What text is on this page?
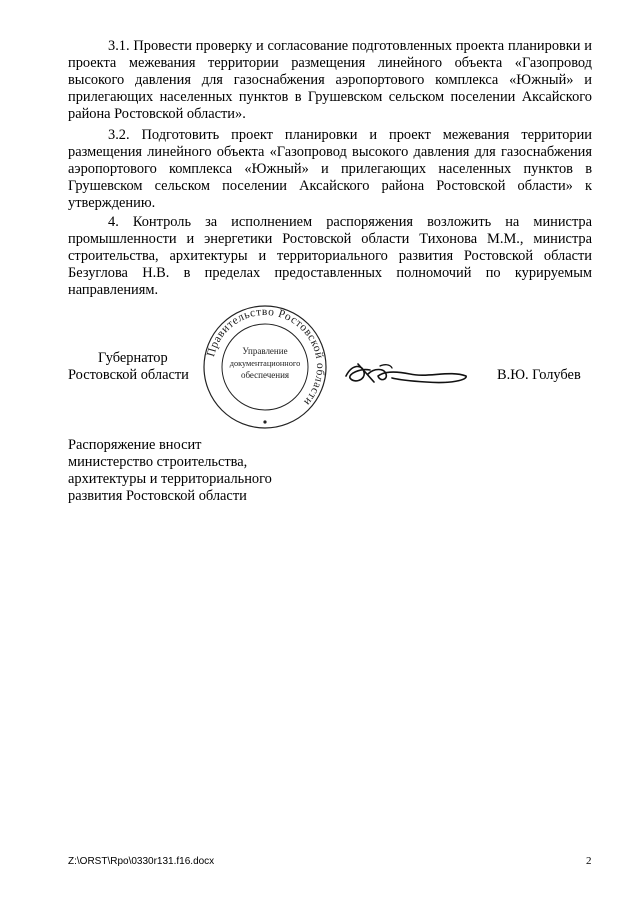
3.1. Провести проверку и согласование подготовленных проекта планировки и проекта межевания территории размещения линейного объекта «Газопровод высокого давления для газоснабжения аэропортового комплекса «Южный» и прилегающих населенных пунктов в Грушевском сельском поселении Аксайского района Ростовской области».

3.2. Подготовить проект планировки и проект межевания территории размещения линейного объекта «Газопровод высокого давления для газоснабжения аэропортового комплекса «Южный» и прилегающих населенных пунктов в Грушевском сельском поселении Аксайского района Ростовской области» к утверждению.

4. Контроль за исполнением распоряжения возложить на министра промышленности и энергетики Ростовской области Тихонова М.М., министра строительства, архитектуры и территориального развития Ростовской области Безуглова Н.В. в пределах предоставленных полномочий по курируемым направлениям.

Губернатор
Ростовской области
Правительство Ростовской области
Управление
документационного
обеспечения	В.Ю. Голубев
Распоряжение вносит
министерство строительства,
архитектуры и территориального
развития Ростовской области
Z:\ORST\Rpo\0330r131.f16.docx	2
